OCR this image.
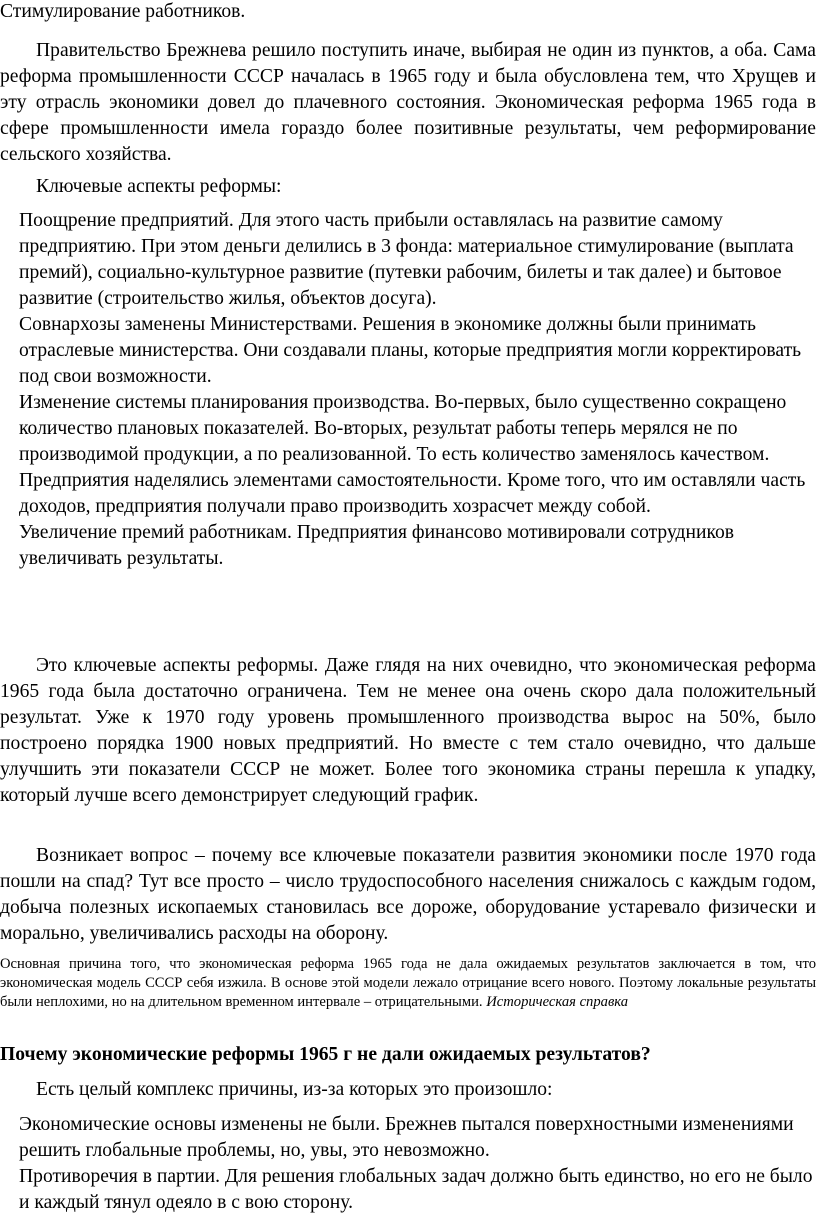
Стимулирование работников.

Правительство Брежнева решило поступить иначе, выбирая не один из пунктов, а оба. Сама реформа промышленности СССР началась в 1965 году и была обусловлена тем, что Хрущев и эту отрасль экономики довел до плачевного состояния. Экономическая реформа 1965 года в сфере промышленности имела гораздо более позитивные результаты, чем реформирование сельского хозяйства.

Ключевые аспекты реформы:

Поощрение предприятий. Для этого часть прибыли оставлялась на развитие самому предприятию. При этом деньги делились в 3 фонда: материальное стимулирование (выплата премий), социально-культурное развитие (путевки рабочим, билеты и так далее) и бытовое развитие (строительство жилья, объектов досуга).
Совнархозы заменены Министерствами. Решения в экономике должны были принимать отраслевые министерства. Они создавали планы, которые предприятия могли корректировать под свои возможности.
Изменение системы планирования производства. Во-первых, было существенно сокращено количество плановых показателей. Во-вторых, результат работы теперь мерялся не по производимой продукции, а по реализованной. То есть количество заменялось качеством.
Предприятия наделялись элементами самостоятельности. Кроме того, что им оставляли часть доходов, предприятия получали право производить хозрасчет между собой.
Увеличение премий работникам. Предприятия финансово мотивировали сотрудников увеличивать результаты.

Это ключевые аспекты реформы. Даже глядя на них очевидно, что экономическая реформа 1965 года была достаточно ограничена. Тем не менее она очень скоро дала положительный результат. Уже к 1970 году уровень промышленного производства вырос на 50%, было построено порядка 1900 новых предприятий. Но вместе с тем стало очевидно, что дальше улучшить эти показатели СССР не может. Более того экономика страны перешла к упадку, который лучше всего демонстрирует следующий график.

Возникает вопрос – почему все ключевые показатели развития экономики после 1970 года пошли на спад? Тут все просто – число трудоспособного населения снижалось с каждым годом, добыча полезных ископаемых становилась все дороже, оборудование устаревало физически и морально, увеличивались расходы на оборону.

Основная причина того, что экономическая реформа 1965 года не дала ожидаемых результатов заключается в том, что экономическая модель СССР себя изжила. В основе этой модели лежало отрицание всего нового. Поэтому локальные результаты были неплохими, но на длительном временном интервале – отрицательными. Историческая справка
Почему экономические реформы 1965 г не дали ожидаемых результатов?

Есть целый комплекс причины, из-за которых это произошло:

Экономические основы изменены не были. Брежнев пытался поверхностными изменениями решить глобальные проблемы, но, увы, это невозможно.
Противоречия в партии. Для решения глобальных задач должно быть единство, но его не было и каждый тянул одеяло в с вою сторону.
